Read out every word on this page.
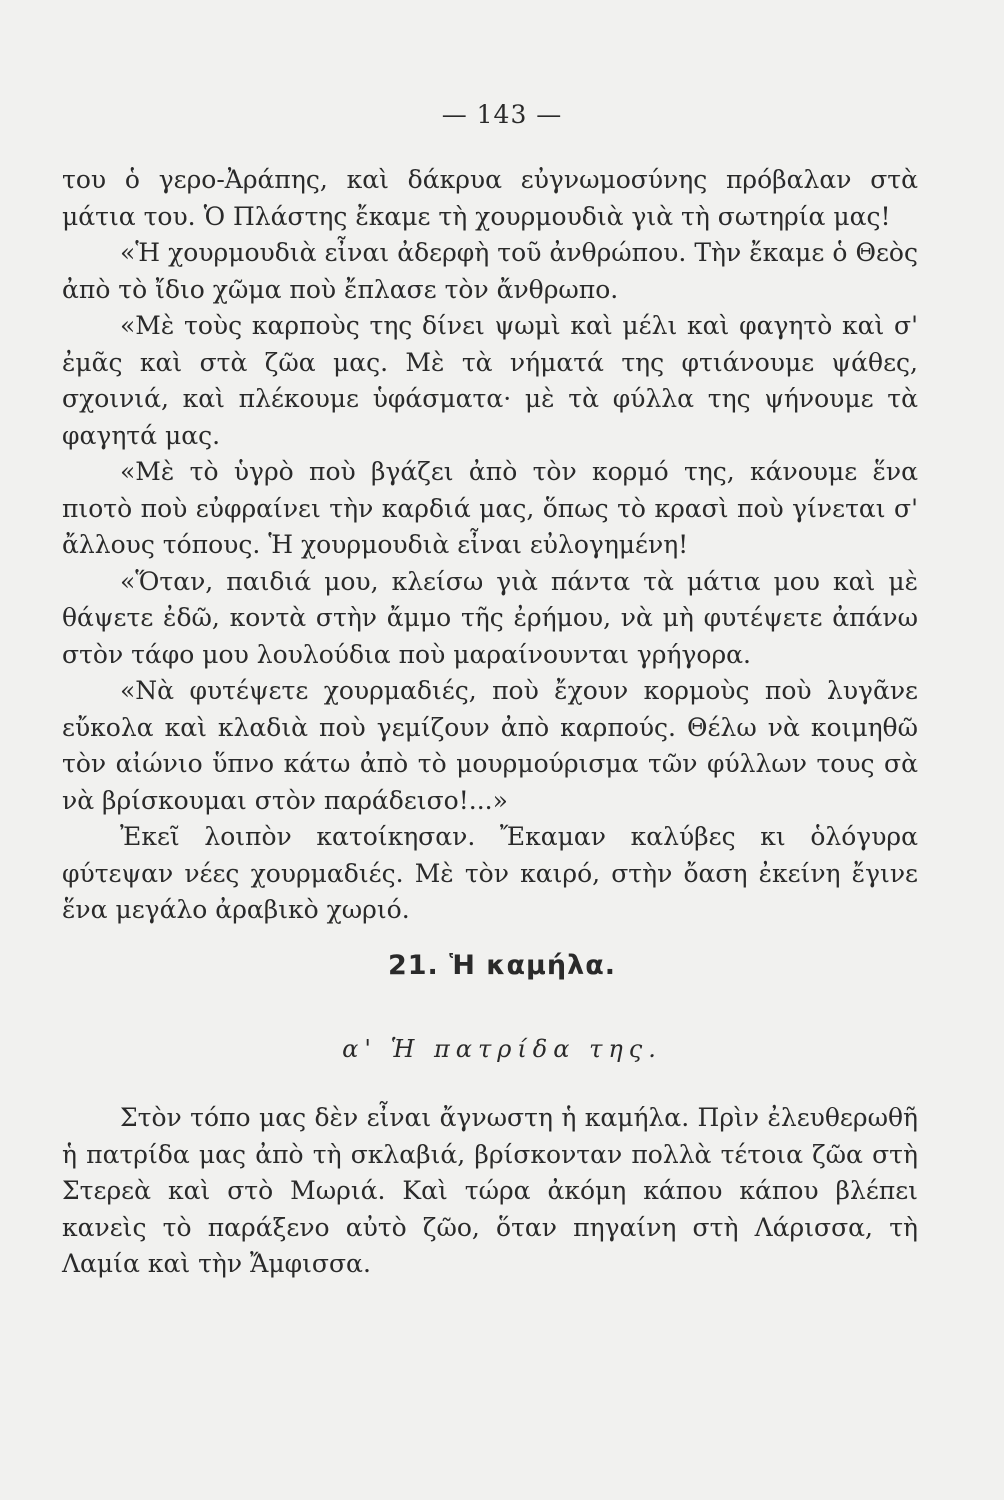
— 143 —

του ὁ γερο-Ἀράπης, καὶ δάκρυα εὐγνωμοσύνης πρόβαλαν στὰ μάτια του. Ὁ Πλάστης ἔκαμε τὴ χουρμουδιὰ γιὰ τὴ σωτηρία μας!

«Ἡ χουρμουδιὰ εἶναι ἀδερφὴ τοῦ ἀνθρώπου. Τὴν ἔκαμε ὁ Θεὸς ἀπὸ τὸ ἴδιο χῶμα ποὺ ἔπλασε τὸν ἄνθρωπο.

«Μὲ τοὺς καρποὺς της δίνει ψωμὶ καὶ μέλι καὶ φαγητὸ καὶ σ' ἐμᾶς καὶ στὰ ζῶα μας. Μὲ τὰ νήματά της φτιάνουμε ψάθες, σχοινιά, καὶ πλέκουμε ὑφάσματα· μὲ τὰ φύλλα της ψήνουμε τὰ φαγητά μας.

«Μὲ τὸ ὑγρὸ ποὺ βγάζει ἀπὸ τὸν κορμό της, κάνουμε ἕνα πιοτὸ ποὺ εὐφραίνει τὴν καρδιά μας, ὅπως τὸ κρασὶ ποὺ γίνεται σ' ἄλλους τόπους. Ἡ χουρμουδιὰ εἶναι εὐλογημένη!

«Ὅταν, παιδιά μου, κλείσω γιὰ πάντα τὰ μάτια μου καὶ μὲ θάψετε ἐδῶ, κοντὰ στὴν ἄμμο τῆς ἐρήμου, νὰ μὴ φυτέψετε ἀπάνω στὸν τάφο μου λουλούδια ποὺ μαραίνουνται γρήγορα.

«Νὰ φυτέψετε χουρμαδιές, ποὺ ἔχουν κορμοὺς ποὺ λυγᾶνε εὔκολα καὶ κλαδιὰ ποὺ γεμίζουν ἀπὸ καρπούς. Θέλω νὰ κοιμηθῶ τὸν αἰώνιο ὕπνο κάτω ἀπὸ τὸ μουρμούρισμα τῶν φύλλων τους σὰ νὰ βρίσκουμαι στὸν παράδεισο!...»

Ἐκεῖ λοιπὸν κατοίκησαν. Ἔκαμαν καλύβες κι ὁλόγυρα φύτεψαν νέες χουρμαδιές. Μὲ τὸν καιρό, στὴν ὄαση ἐκείνη ἔγινε ἕνα μεγάλο ἀραβικὸ χωριό.

21. Ἡ καμήλα.
α' Ἡ πατρίδα της.

Στὸν τόπο μας δὲν εἶναι ἄγνωστη ἡ καμήλα. Πρὶν ἐλευθερωθῆ ἡ πατρίδα μας ἀπὸ τὴ σκλαβιά, βρίσκονταν πολλὰ τέτοια ζῶα στὴ Στερεὰ καὶ στὸ Μωριά. Καὶ τώρα ἀκόμη κάπου κάπου βλέπει κανεὶς τὸ παράξενο αὐτὸ ζῶο, ὅταν πηγαίνη στὴ Λάρισσα, τὴ Λαμία καὶ τὴν Ἄμφισσα.
